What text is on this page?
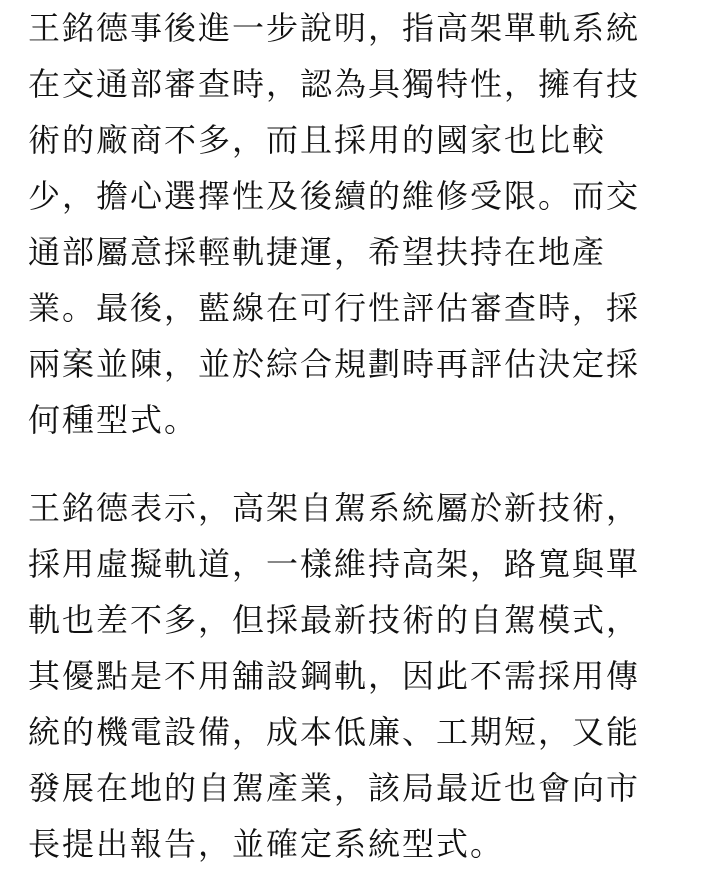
王銘德事後進一步說明，指高架單軌系統
在交通部審查時，認為具獨特性，擁有技
術的廠商不多，而且採用的國家也比較
少，擔心選擇性及後續的維修受限。而交
通部屬意採輕軌捷運，希望扶持在地產
業。最後，藍線在可行性評估審查時，採
兩案並陳，並於綜合規劃時再評估決定採
何種型式。
王銘德表示，高架自駕系統屬於新技術，
採用虛擬軌道，一樣維持高架，路寬與單
軌也差不多，但採最新技術的自駕模式，
其優點是不用舖設鋼軌，因此不需採用傳
統的機電設備，成本低廉、工期短，又能
發展在地的自駕產業，該局最近也會向市
長提出報告，並確定系統型式。
